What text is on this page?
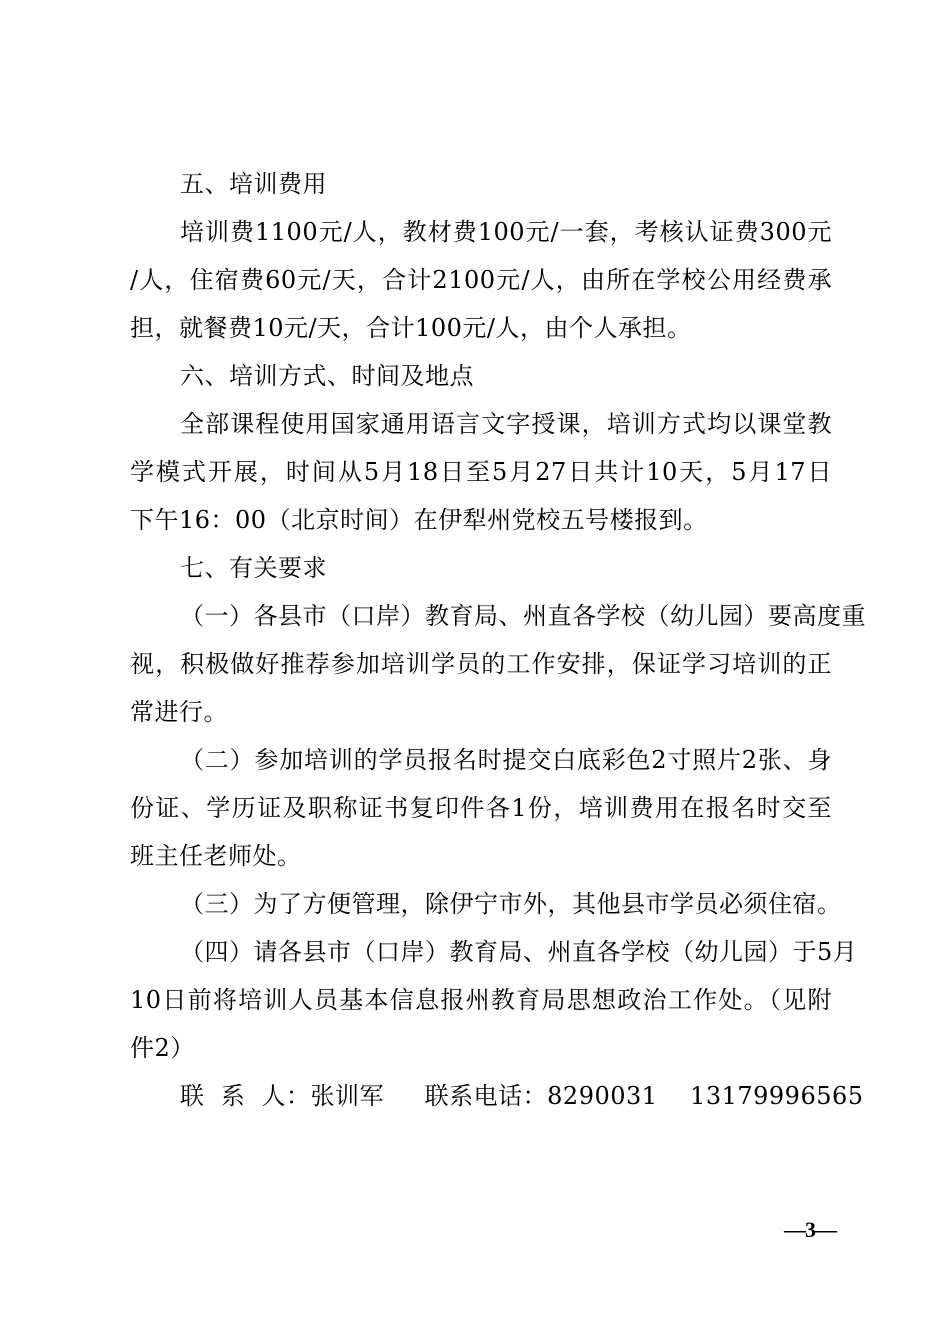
五、培训费用
培训费1100元/人，教材费100元/一套，考核认证费300元
/人，住宿费60元/天，合计2100元/人，由所在学校公用经费承
担，就餐费10元/天，合计100元/人，由个人承担。
六、培训方式、时间及地点
全部课程使用国家通用语言文字授课，培训方式均以课堂教
学模式开展，时间从5月18日至5月27日共计10天，5月17日
下午16：00（北京时间）在伊犁州党校五号楼报到。
七、有关要求
（一）各县市（口岸）教育局、州直各学校（幼儿园）要高度重
视，积极做好推荐参加培训学员的工作安排，保证学习培训的正
常进行。
（二）参加培训的学员报名时提交白底彩色2寸照片2张、身
份证、学历证及职称证书复印件各1份，培训费用在报名时交至
班主任老师处。
（三）为了方便管理，除伊宁市外，其他县市学员必须住宿。
（四）请各县市（口岸）教育局、州直各学校（幼儿园）于5月
10日前将培训人员基本信息报州教育局思想政治工作处。（见附
件2）
联  系  人：张训军     联系电话：8290031    13179996565
—3—
